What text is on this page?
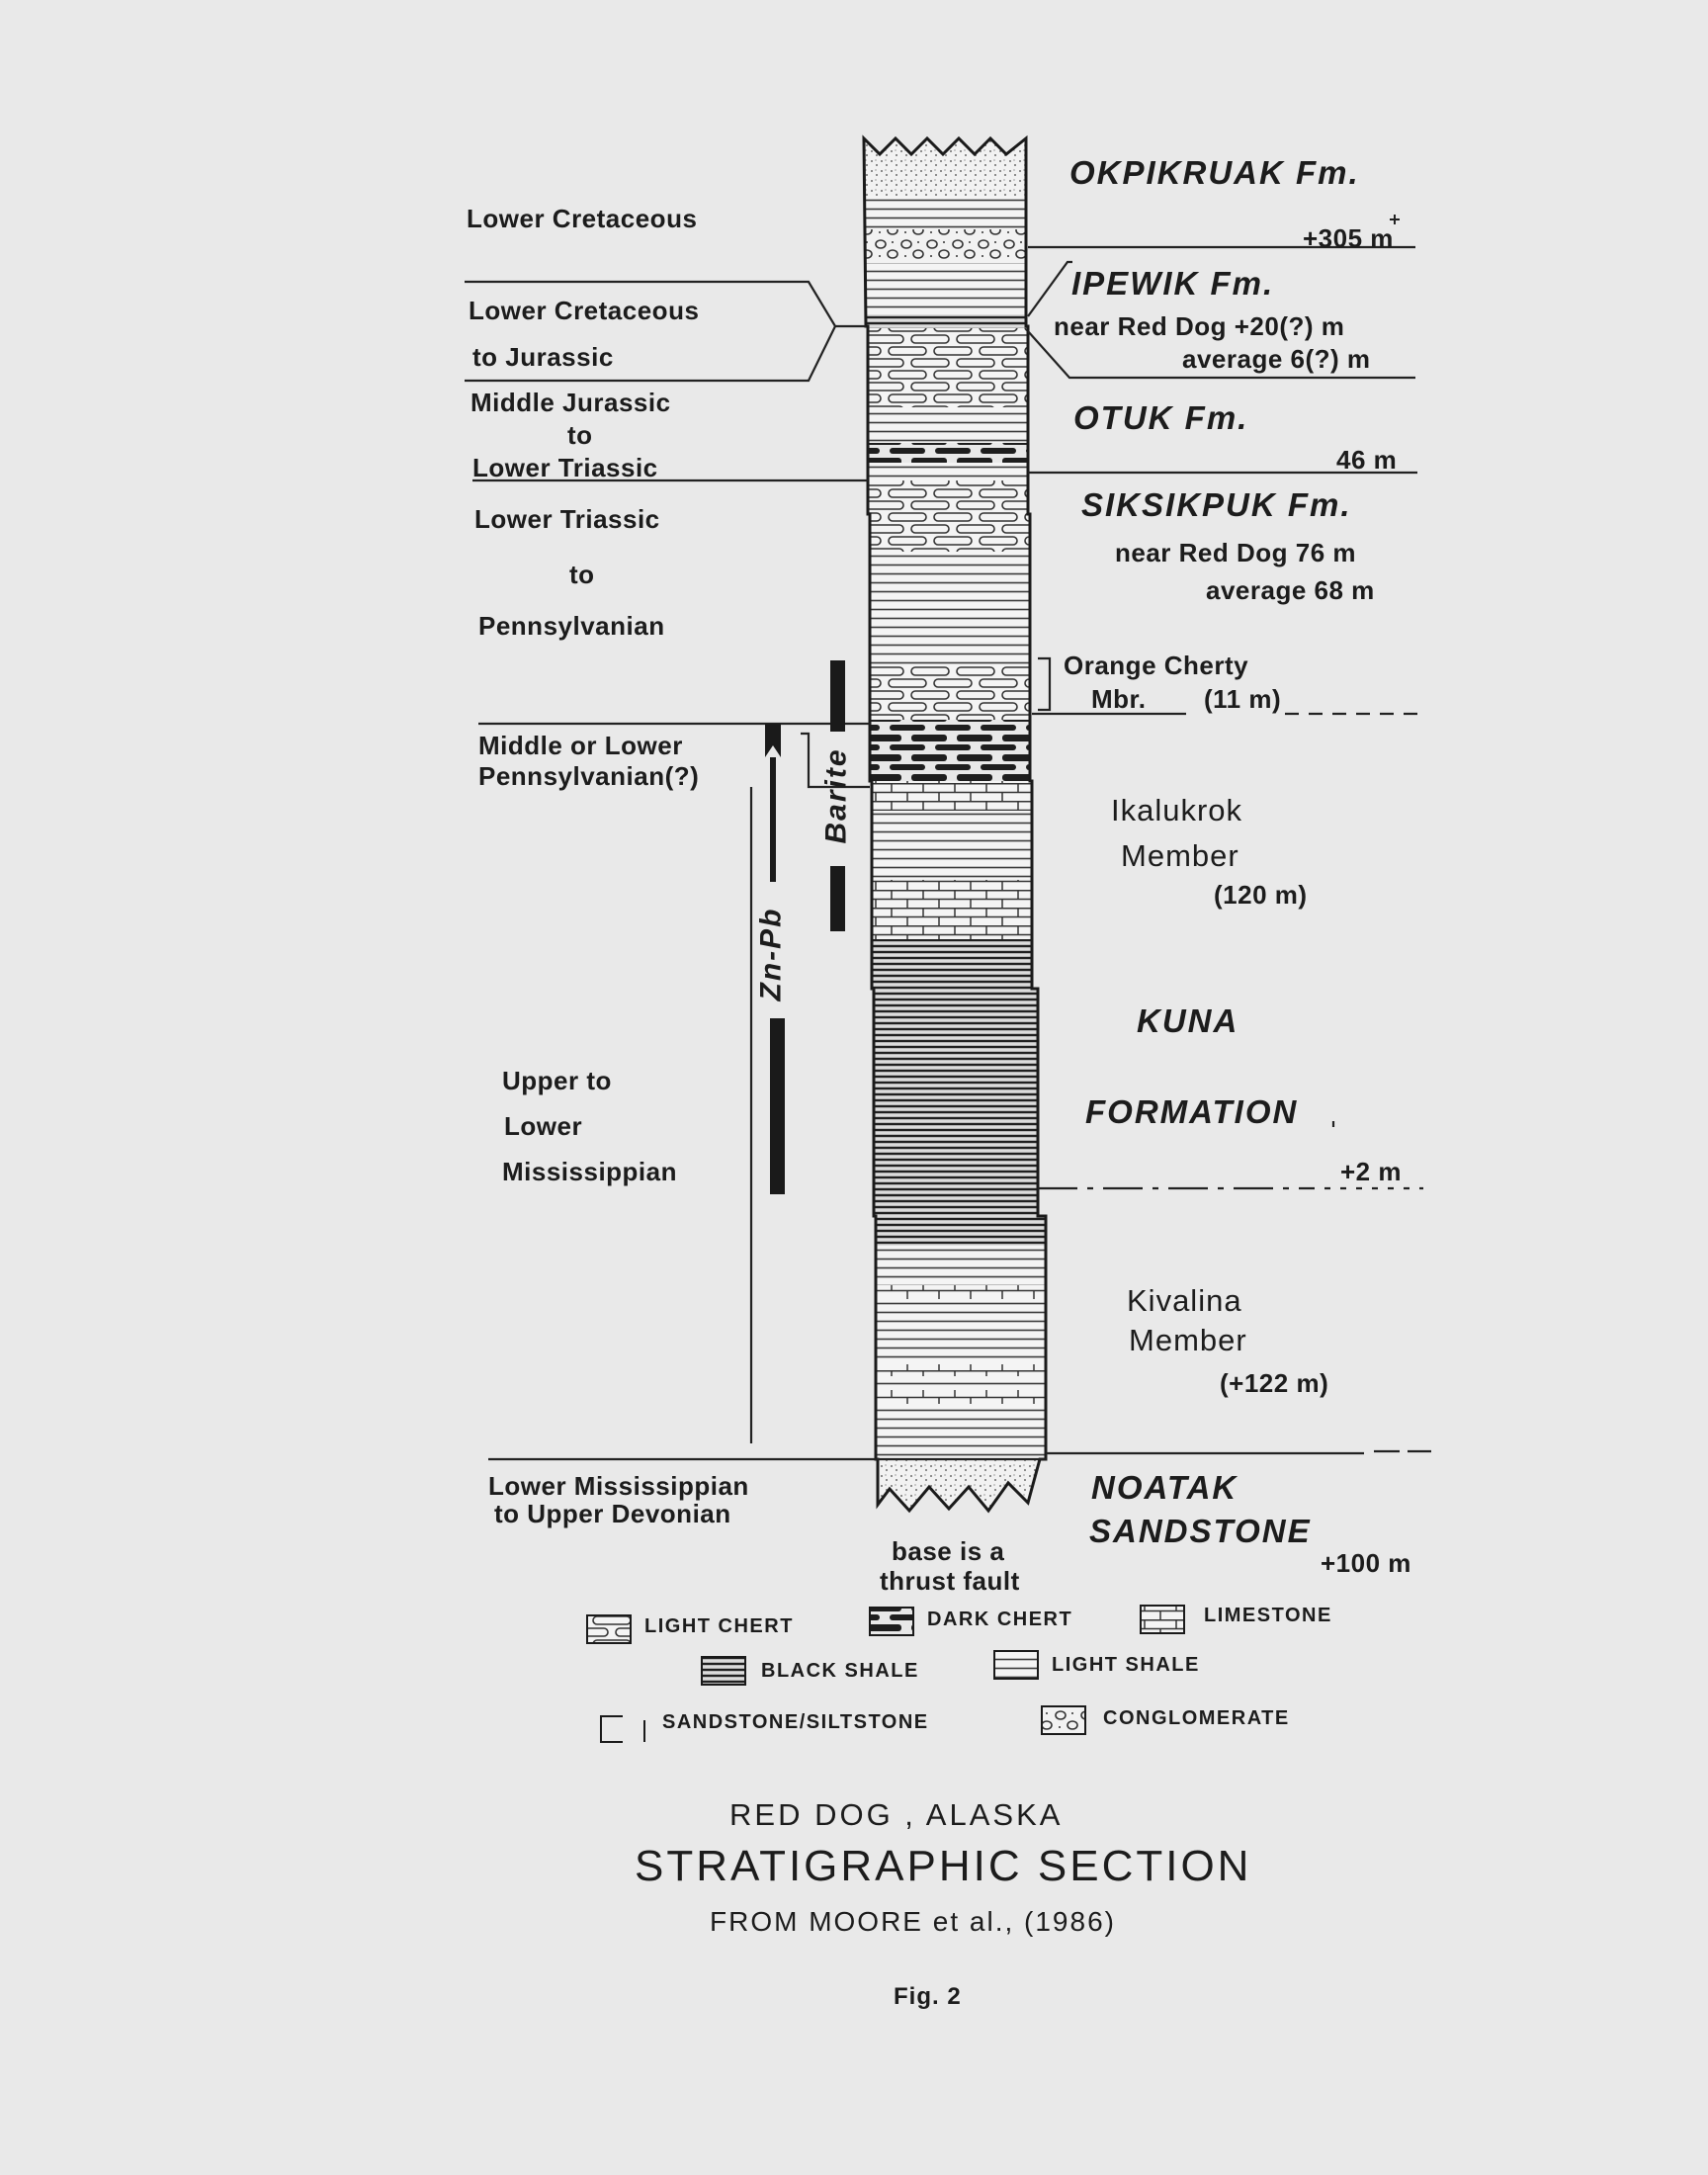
Lower Cretaceous
Lower Cretaceous
to Jurassic
Middle Jurassic
to
Lower Triassic
Lower Triassic
to
Pennsylvanian
Middle or Lower
Pennsylvanian(?)
Upper to
Lower
Mississippian
Lower Mississippian
to Upper Devonian
Zn-Pb
Barite
OKPIKRUAK Fm.
+305 m
IPEWIK Fm.
near Red Dog +20(?) m
average 6(?) m
OTUK Fm.
46 m
SIKSIKPUK Fm.
near Red Dog 76 m
average 68 m
Orange Cherty
Mbr. (11 m)
Ikalukrok
Member
(120 m)
KUNA
FORMATION
+2 m
Kivalina
Member
(+122 m)
NOATAK
SANDSTONE
+100 m
base is a
thrust fault
LIGHT CHERT	DARK CHERT	LIMESTONE
BLACK SHALE	LIGHT SHALE
SANDSTONE/SILTSTONE	CONGLOMERATE
RED DOG , ALASKA
STRATIGRAPHIC SECTION
FROM MOORE et al., (1986)
Fig. 2
